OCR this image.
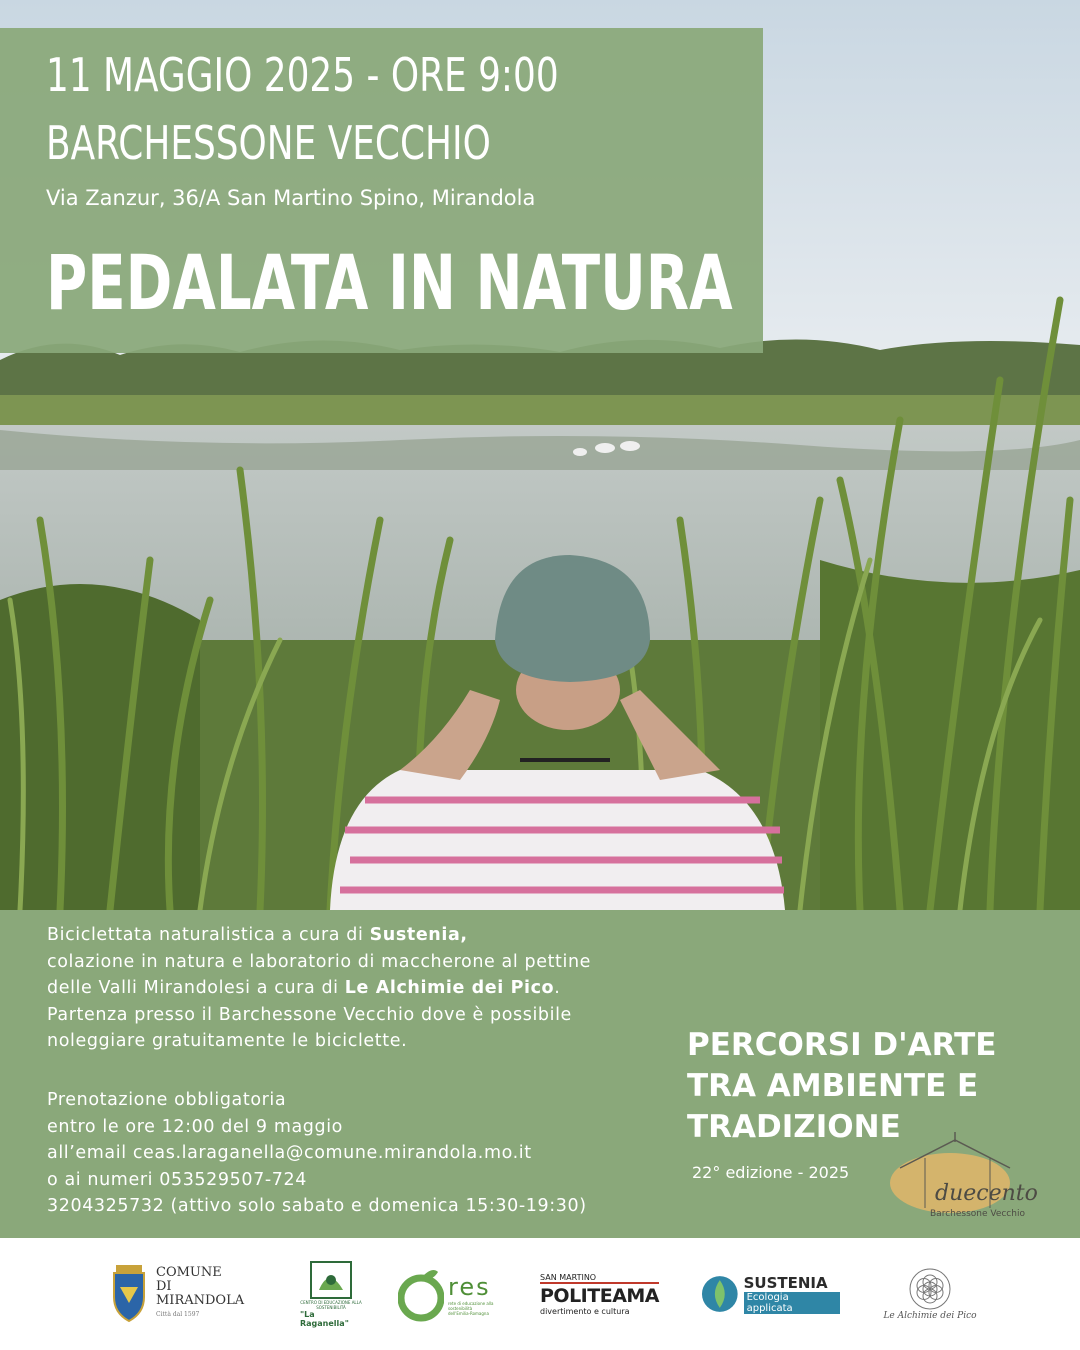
11 MAGGIO 2025 - ORE 9:00
BARCHESSONE VECCHIO
Via Zanzur, 36/A San Martino Spino, Mirandola
PEDALATA IN NATURA

Biciclettata naturalistica a cura di Sustenia,

colazione in natura e laboratorio di maccherone al pettine

delle Valli Mirandolesi a cura di Le Alchimie dei Pico.

Partenza presso il Barchessone Vecchio dove è possibile

noleggiare gratuitamente le biciclette.

Prenotazione obbligatoria

entro le ore 12:00 del 9 maggio

all’email ceas.laraganella@comune.mirandola.mo.it

o ai numeri 053529507-724

3204325732 (attivo solo sabato e domenica 15:30-19:30)

PERCORSI D'ARTE

TRA AMBIENTE E

TRADIZIONE

22° edizione - 2025
duecento
Barchessone Vecchio
COMUNE
DI
MIRANDOLA
Città dal 1597
CENTRO DI EDUCAZIONE ALLA SOSTENIBILITÀ
"La Raganella"
res
rete di educazione alla sostenibilità dell'Emilia-Romagna
SAN MARTINO
POLITEAMA
divertimento e cultura
SUSTENIA
Ecologia applicata
Le Alchimie dei Pico
